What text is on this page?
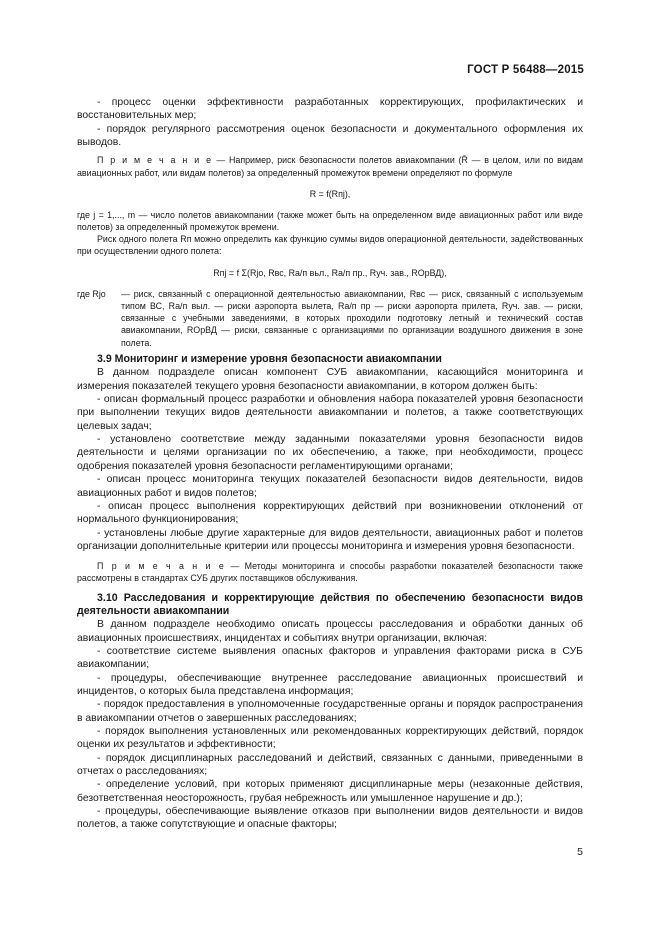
ГОСТ Р 56488—2015

- процесс оценки эффективности разработанных корректирующих, профилактических и восстановительных мер;

- порядок регулярного рассмотрения оценок безопасности и документального оформления их выводов.

П р и м е ч а н и е — Например, риск безопасности полетов авиакомпании (R̄ — в целом, или по видам авиационных работ, или видам полетов) за определенный промежуток времени определяют по формуле

R = f(Rпj),

где j = 1,..., m — число полетов авиакомпании (также может быть на определенном виде авиационных работ или виде полетов) за определенный промежуток времени.

Риск одного полета Rп можно определить как функцию суммы видов операционной деятельности, задействованных при осуществлении одного полета:

Rпj = f Σ(Rjo, Rвс, Rа/п вьл., Rа/п пр., Rуч. зав., RОрВД),
где Rjo	— риск, связанный с операционной деятельностью авиакомпании, Rвс — риск, связанный с используемым типом ВС, Rа/п выл. — риски аэропорта вылета, Rа/п пр — риски аэропорта прилета, Rуч. зав. — риски, связанные с учебными заведениями, в которых проходили подготовку летный и технический состав авиакомпании, RОрВД — риски, связанные с организациями по организации воздушного движения в зоне полета.

3.9 Мониторинг и измерение уровня безопасности авиакомпании

В данном подразделе описан компонент СУБ авиакомпании, касающийся мониторинга и измерения показателей текущего уровня безопасности авиакомпании, в котором должен быть:

- описан формальный процесс разработки и обновления набора показателей уровня безопасности при выполнении текущих видов деятельности авиакомпании и полетов, а также соответствующих целевых задач;

- установлено соответствие между заданными показателями уровня безопасности видов деятельности и целями организации по их обеспечению, а также, при необходимости, процесс одобрения показателей уровня безопасности регламентирующими органами;

- описан процесс мониторинга текущих показателей безопасности видов деятельности, видов авиационных работ и видов полетов;

- описан процесс выполнения корректирующих действий при возникновении отклонений от нормального функционирования;

- установлены любые другие характерные для видов деятельности, авиационных работ и полетов организации дополнительные критерии или процессы мониторинга и измерения уровня безопасности.

П р и м е ч а н и е — Методы мониторинга и способы разработки показателей безопасности также рассмотрены в стандартах СУБ других поставщиков обслуживания.

3.10 Расследования и корректирующие действия по обеспечению безопасности видов деятельности авиакомпании

В данном подразделе необходимо описать процессы расследования и обработки данных об авиационных происшествиях, инцидентах и событиях внутри организации, включая:

- соответствие системе выявления опасных факторов и управления факторами риска в СУБ авиакомпании;

- процедуры, обеспечивающие внутреннее расследование авиационных происшествий и инцидентов, о которых была представлена информация;

- порядок предоставления в уполномоченные государственные органы и порядок распространения в авиакомпании отчетов о завершенных расследованиях;

- порядок выполнения установленных или рекомендованных корректирующих действий, порядок оценки их результатов и эффективности;

- порядок дисциплинарных расследований и действий, связанных с данными, приведенными в отчетах о расследованиях;

- определение условий, при которых применяют дисциплинарные меры (незаконные действия, безответственная неосторожность, грубая небрежность или умышленное нарушение и др.);

- процедуры, обеспечивающие выявление отказов при выполнении видов деятельности и видов полетов, а также сопутствующие и опасные факторы;

5
